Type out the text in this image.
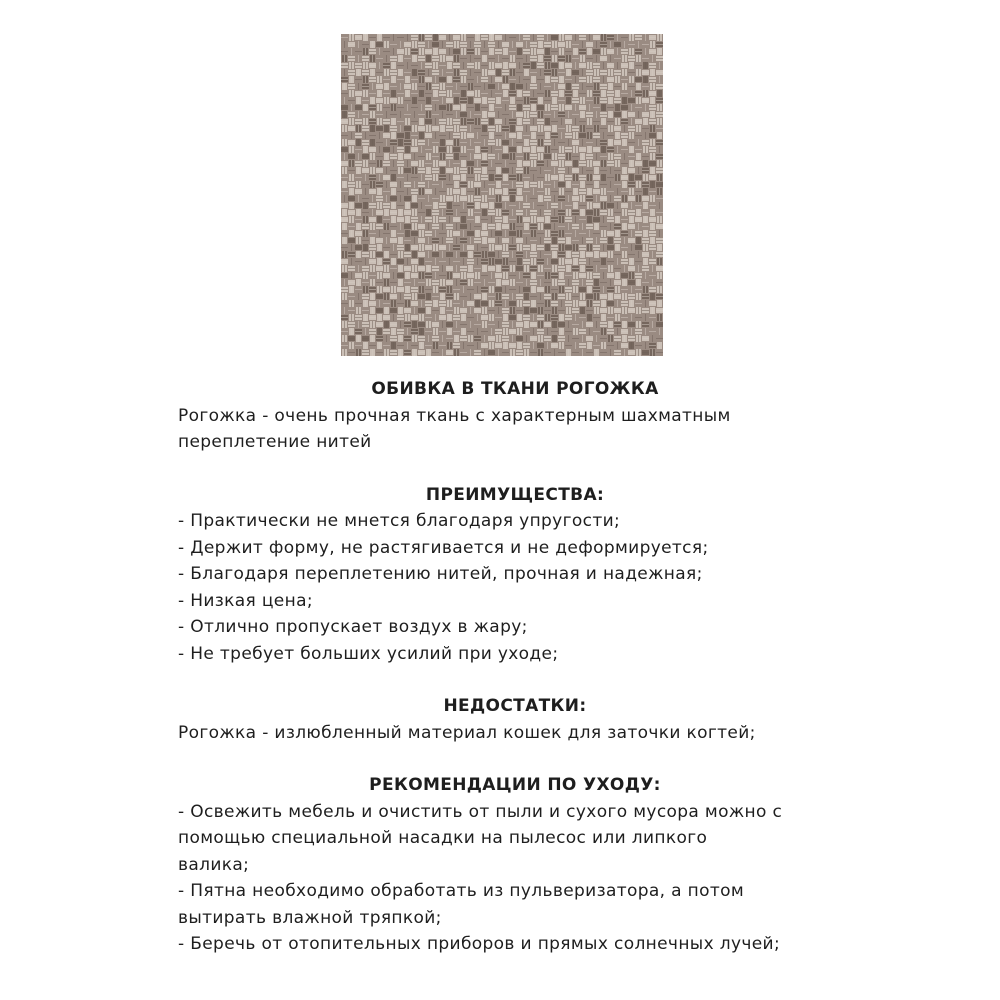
ОБИВКА В ТКАНИ РОГОЖКА
Рогожка - очень прочная ткань с характерным шахматным
переплетение нитей
ПРЕИМУЩЕСТВА:
- Практически не мнется благодаря упругости;
- Держит форму, не растягивается и не деформируется;
- Благодаря переплетению нитей, прочная и надежная;
- Низкая цена;
- Отлично пропускает воздух в жару;
- Не требует больших усилий при уходе;
НЕДОСТАТКИ:
Рогожка - излюбленный материал кошек для заточки когтей;
РЕКОМЕНДАЦИИ ПО УХОДУ:
- Освежить мебель и очистить от пыли и сухого мусора можно с
помощью специальной насадки на пылесос или липкого
валика;
- Пятна необходимо обработать из пульверизатора, а потом
вытирать влажной тряпкой;
- Беречь от отопительных приборов и прямых солнечных лучей;
